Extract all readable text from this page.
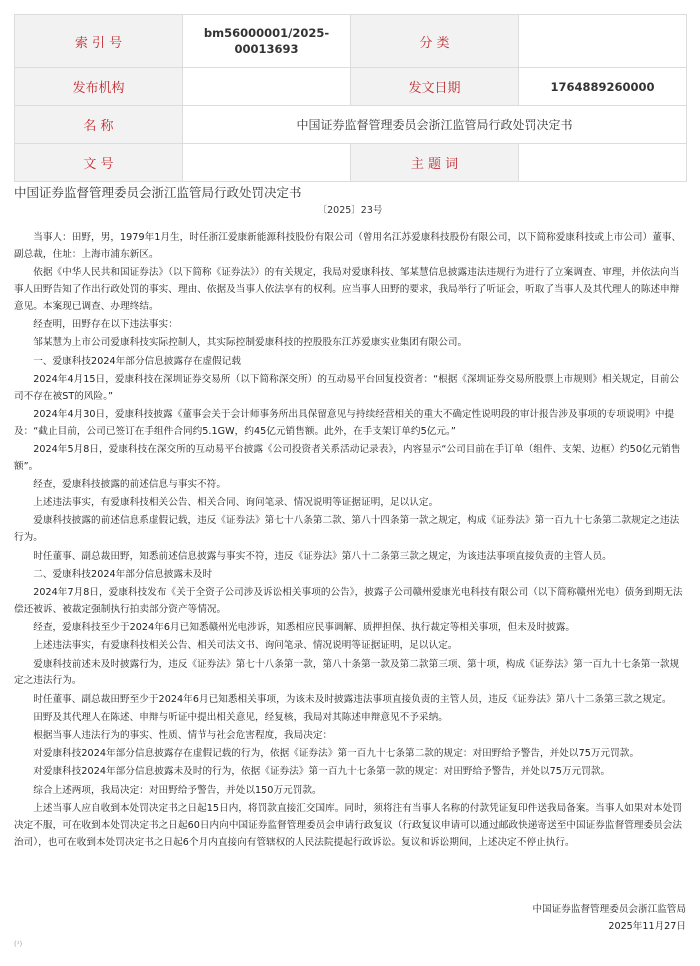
索 引 号	bm56000001/2025-00013693	分 类	
发布机构		发文日期	1764889260000
名 称	中国证券监督管理委员会浙江监管局行政处罚决定书		
文 号		主 题 词	
中国证券监督管理委员会浙江监管局行政处罚决定书
〔2025〕23号

当事人：田野，男，1979年1月生，时任浙江爱康新能源科技股份有限公司（曾用名江苏爱康科技股份有限公司，以下简称爱康科技或上市公司）董事、副总裁，住址：上海市浦东新区。

依据《中华人民共和国证券法》（以下简称《证券法》）的有关规定，我局对爱康科技、邹某慧信息披露违法违规行为进行了立案调查、审理，并依法向当事人田野告知了作出行政处罚的事实、理由、依据及当事人依法享有的权利。应当事人田野的要求，我局举行了听证会，听取了当事人及其代理人的陈述申辩意见。本案现已调查、办理终结。

经查明，田野存在以下违法事实：

邹某慧为上市公司爱康科技实际控制人，其实际控制爱康科技的控股股东江苏爱康实业集团有限公司。

一、爱康科技2024年部分信息披露存在虚假记载

2024年4月15日，爱康科技在深圳证券交易所（以下简称深交所）的互动易平台回复投资者：“根据《深圳证券交易所股票上市规则》相关规定，目前公司不存在被ST的风险。”

2024年4月30日，爱康科技披露《董事会关于会计师事务所出具保留意见与持续经营相关的重大不确定性说明段的审计报告涉及事项的专项说明》中提及：“截止目前，公司已签订在手组件合同约5.1GW，约45亿元销售额。此外，在手支架订单约5亿元。”

2024年5月8日，爱康科技在深交所的互动易平台披露《公司投资者关系活动记录表》，内容显示“公司目前在手订单（组件、支架、边框）约50亿元销售额”。

经查，爱康科技披露的前述信息与事实不符。

上述违法事实，有爱康科技相关公告、相关合同、询问笔录、情况说明等证据证明，足以认定。

爱康科技披露的前述信息系虚假记载，违反《证券法》第七十八条第二款、第八十四条第一款之规定，构成《证券法》第一百九十七条第二款规定之违法行为。

时任董事、副总裁田野，知悉前述信息披露与事实不符，违反《证券法》第八十二条第三款之规定，为该违法事项直接负责的主管人员。

二、爱康科技2024年部分信息披露未及时

2024年7月8日，爱康科技发布《关于全资子公司涉及诉讼相关事项的公告》，披露子公司赣州爱康光电科技有限公司（以下简称赣州光电）债务到期无法偿还被诉、被裁定强制执行拍卖部分资产等情况。

经查，爱康科技至少于2024年6月已知悉赣州光电涉诉，知悉相应民事调解、质押担保、执行裁定等相关事项，但未及时披露。

上述违法事实，有爱康科技相关公告、相关司法文书、询问笔录、情况说明等证据证明，足以认定。

爱康科技前述未及时披露行为，违反《证券法》第七十八条第一款，第八十条第一款及第二款第三项、第十项，构成《证券法》第一百九十七条第一款规定之违法行为。

时任董事、副总裁田野至少于2024年6月已知悉相关事项，为该未及时披露违法事项直接负责的主管人员，违反《证券法》第八十二条第三款之规定。

田野及其代理人在陈述、申辩与听证中提出相关意见，经复核，我局对其陈述申辩意见不予采纳。

根据当事人违法行为的事实、性质、情节与社会危害程度，我局决定：

对爱康科技2024年部分信息披露存在虚假记载的行为，依据《证券法》第一百九十七条第二款的规定：对田野给予警告，并处以75万元罚款。

对爱康科技2024年部分信息披露未及时的行为，依据《证券法》第一百九十七条第一款的规定：对田野给予警告，并处以75万元罚款。

综合上述两项，我局决定：对田野给予警告，并处以150万元罚款。

上述当事人应自收到本处罚决定书之日起15日内，将罚款直接汇交国库。同时，须将注有当事人名称的付款凭证复印件送我局备案。当事人如果对本处罚决定不服，可在收到本处罚决定书之日起60日内向中国证券监督管理委员会申请行政复议（行政复议申请可以通过邮政快递寄送至中国证券监督管理委员会法治司），也可在收到本处罚决定书之日起6个月内直接向有管辖权的人民法院提起行政诉讼。复议和诉讼期间，上述决定不停止执行。

中国证券监督管理委员会浙江监管局
2025年11月27日
(¹)
